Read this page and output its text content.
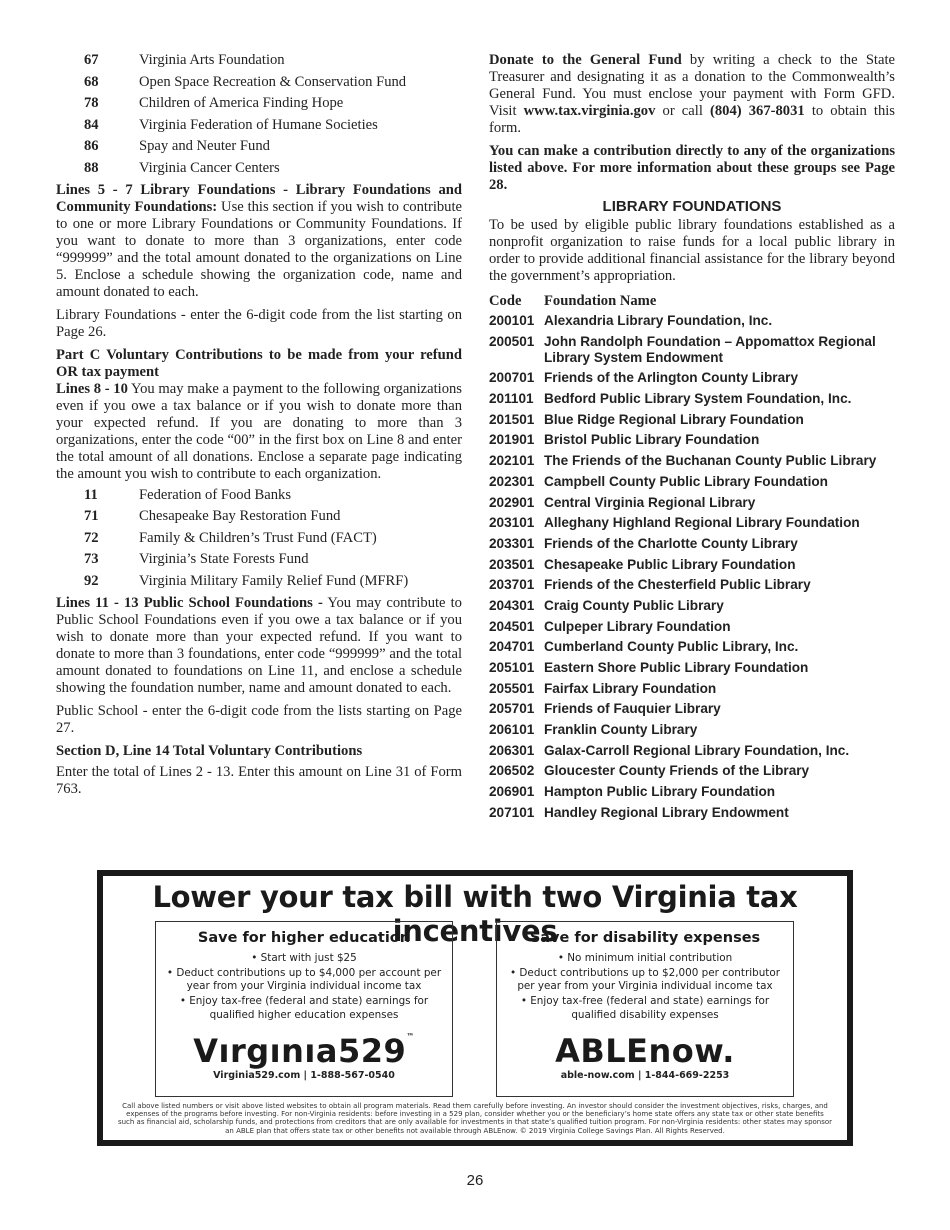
67	Virginia Arts Foundation
68	Open Space Recreation & Conservation Fund
78	Children of America Finding Hope
84	Virginia Federation of Humane Societies
86	Spay and Neuter Fund
88	Virginia Cancer Centers

Lines 5 - 7 Library Foundations - Library Foundations and Community Foundations: Use this section if you wish to contribute to one or more Library Foundations or Community Foundations. If you want to donate to more than 3 organizations, enter code “999999” and the total amount donated to the organizations on Line 5. Enclose a schedule showing the organization code, name and amount donated to each.

Library Foundations - enter the 6-digit code from the list starting on Page 26.

Part C Voluntary Contributions to be made from your refund OR tax payment

Lines 8 - 10 You may make a payment to the following organizations even if you owe a tax balance or if you wish to donate more than your expected refund. If you are donating to more than 3 organizations, enter the code “00” in the first box on Line 8 and enter the total amount of all donations. Enclose a separate page indicating the amount you wish to contribute to each organization.

11	Federation of Food Banks
71	Chesapeake Bay Restoration Fund
72	Family & Children’s Trust Fund (FACT)
73	Virginia’s State Forests Fund
92	Virginia Military Family Relief Fund (MFRF)

Lines 11 - 13 Public School Foundations - You may contribute to Public School Foundations even if you owe a tax balance or if you wish to donate more than your expected refund. If you want to donate to more than 3 foundations, enter code “999999” and the total amount donated to foundations on Line 11, and enclose a schedule showing the foundation number, name and amount donated to each.

Public School - enter the 6-digit code from the lists starting on Page 27.

Section D, Line 14 Total Voluntary Contributions

Enter the total of Lines 2 - 13. Enter this amount on Line 31 of Form 763.

Donate to the General Fund by writing a check to the State Treasurer and designating it as a donation to the Commonwealth’s General Fund. You must enclose your payment with Form GFD. Visit www.tax.virginia.gov or call (804) 367-8031 to obtain this form.

You can make a contribution directly to any of the organizations listed above. For more information about these groups see Page 28.

LIBRARY FOUNDATIONS

To be used by eligible public library foundations established as a nonprofit organization to raise funds for a local public library in order to provide additional financial assistance for the library beyond the government’s appropriation.

Code	Foundation Name
200101 Alexandria Library Foundation, Inc.
200501 John Randolph Foundation – Appomattox Regional Library System Endowment
200701 Friends of the Arlington County Library
201101 Bedford Public Library System Foundation, Inc.
201501 Blue Ridge Regional Library Foundation
201901 Bristol Public Library Foundation
202101 The Friends of the Buchanan County Public Library
202301 Campbell County Public Library Foundation
202901 Central Virginia Regional Library
203101 Alleghany Highland Regional Library Foundation
203301 Friends of the Charlotte County Library
203501 Chesapeake Public Library Foundation
203701 Friends of the Chesterfield Public Library
204301 Craig County Public Library
204501 Culpeper Library Foundation
204701 Cumberland County Public Library, Inc.
205101 Eastern Shore Public Library Foundation
205501 Fairfax Library Foundation
205701 Friends of Fauquier Library
206101 Franklin County Library
206301 Galax-Carroll Regional Library Foundation, Inc.
206502 Gloucester County Friends of the Library
206901 Hampton Public Library Foundation
207101 Handley Regional Library Endowment
Lower your tax bill with two Virginia tax incentives
Save for higher education
• Start with just $25
• Deduct contributions up to $4,000 per account per year from your Virginia individual income tax
• Enjoy tax-free (federal and state) earnings for qualified higher education expenses
Vırgınıa529™
Virginia529.com | 1-888-567-0540
Save for disability expenses
• No minimum initial contribution
• Deduct contributions up to $2,000 per contributor per year from your Virginia individual income tax
• Enjoy tax-free (federal and state) earnings for qualified disability expenses
ABLEnow.
able-now.com | 1-844-669-2253
Call above listed numbers or visit above listed websites to obtain all program materials. Read them carefully before investing. An investor should consider the investment objectives, risks, charges, and expenses of the programs before investing. For non-Virginia residents: before investing in a 529 plan, consider whether you or the beneficiary’s home state offers any state tax or other state benefits such as financial aid, scholarship funds, and protections from creditors that are only available for investments in that state’s qualified tuition program. For non-Virginia residents: other states may sponsor an ABLE plan that offers state tax or other benefits not available through ABLEnow. © 2019 Virginia College Savings Plan. All Rights Reserved.
26
